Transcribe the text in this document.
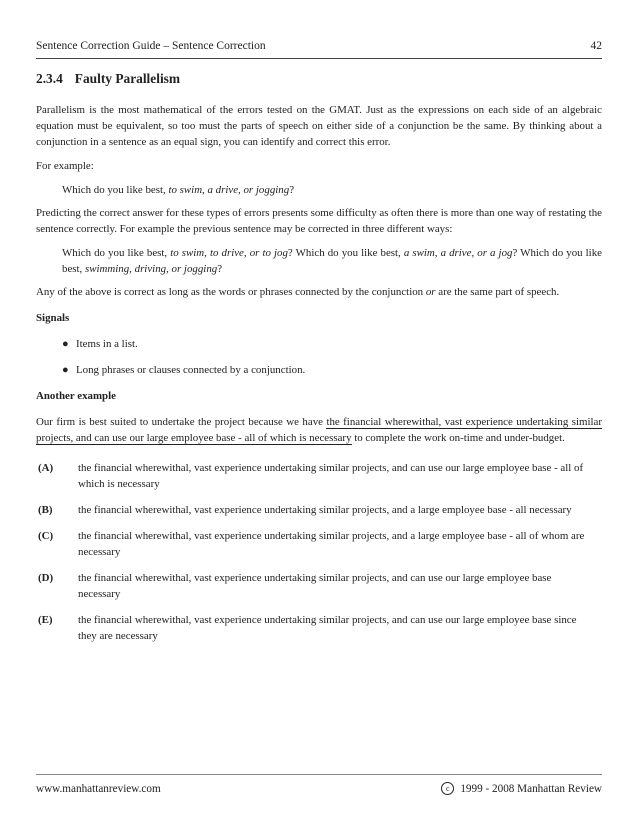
Sentence Correction Guide – Sentence Correction	42
2.3.4 Faulty Parallelism

Parallelism is the most mathematical of the errors tested on the GMAT. Just as the expressions on each side of an algebraic equation must be equivalent, so too must the parts of speech on either side of a conjunction be the same. By thinking about a conjunction in a sentence as an equal sign, you can identify and correct this error.

For example:

Which do you like best, to swim, a drive, or jogging?

Predicting the correct answer for these types of errors presents some difficulty as often there is more than one way of restating the sentence correctly. For example the previous sentence may be corrected in three different ways:

Which do you like best, to swim, to drive, or to jog? Which do you like best, a swim, a drive, or a jog? Which do you like best, swimming, driving, or jogging?

Any of the above is correct as long as the words or phrases connected by the conjunction or are the same part of speech.

Signals
● Items in a list.
● Long phrases or clauses connected by a conjunction.
Another example

Our firm is best suited to undertake the project because we have the financial wherewithal, vast experience undertaking similar projects, and can use our large employee base - all of which is necessary to complete the work on-time and under-budget.

(A)	the financial wherewithal, vast experience undertaking similar projects, and can use our large employee base - all of which is necessary
(B)	the financial wherewithal, vast experience undertaking similar projects, and a large employee base - all necessary
(C)	the financial wherewithal, vast experience undertaking similar projects, and a large employee base - all of whom are necessary
(D)	the financial wherewithal, vast experience undertaking similar projects, and can use our large employee base necessary
(E)	the financial wherewithal, vast experience undertaking similar projects, and can use our large employee base since they are necessary
www.manhattanreview.com	c 1999 - 2008 Manhattan Review
